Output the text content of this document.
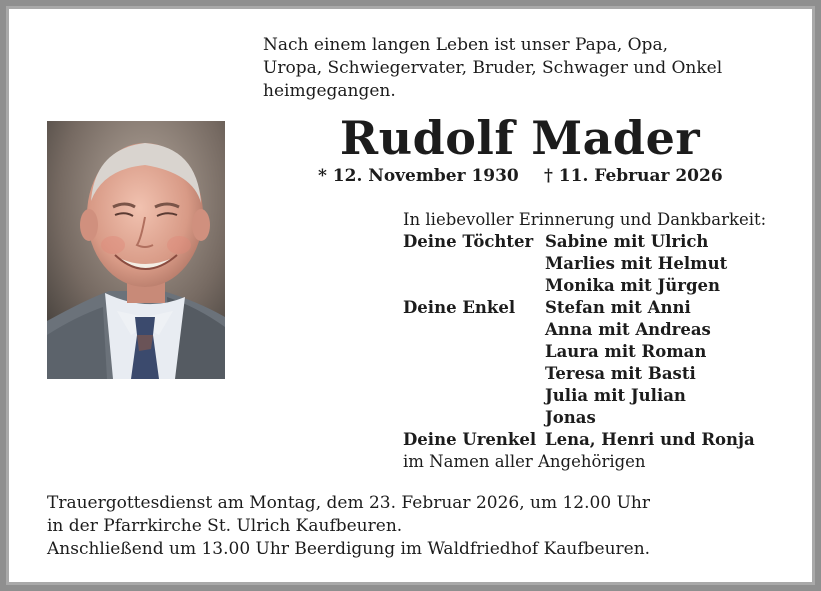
Nach einem langen Leben ist unser Papa, Opa,
Uropa, Schwiegervater, Bruder, Schwager und Onkel
heimgegangen.
Rudolf Mader
* 12. November 1930 † 11. Februar 2026
In liebevoller Erinnerung und Dankbarkeit:
Deine Töchter Sabine mit Ulrich
Marlies mit Helmut
Monika mit Jürgen
Deine Enkel Stefan mit Anni
Anna mit Andreas
Laura mit Roman
Teresa mit Basti
Julia mit Julian
Jonas
Deine Urenkel Lena, Henri und Ronja
im Namen aller Angehörigen
Trauergottesdienst am Montag, dem 23. Februar 2026, um 12.00 Uhr
in der Pfarrkirche St. Ulrich Kaufbeuren.
Anschließend um 13.00 Uhr Beerdigung im Waldfriedhof Kaufbeuren.
